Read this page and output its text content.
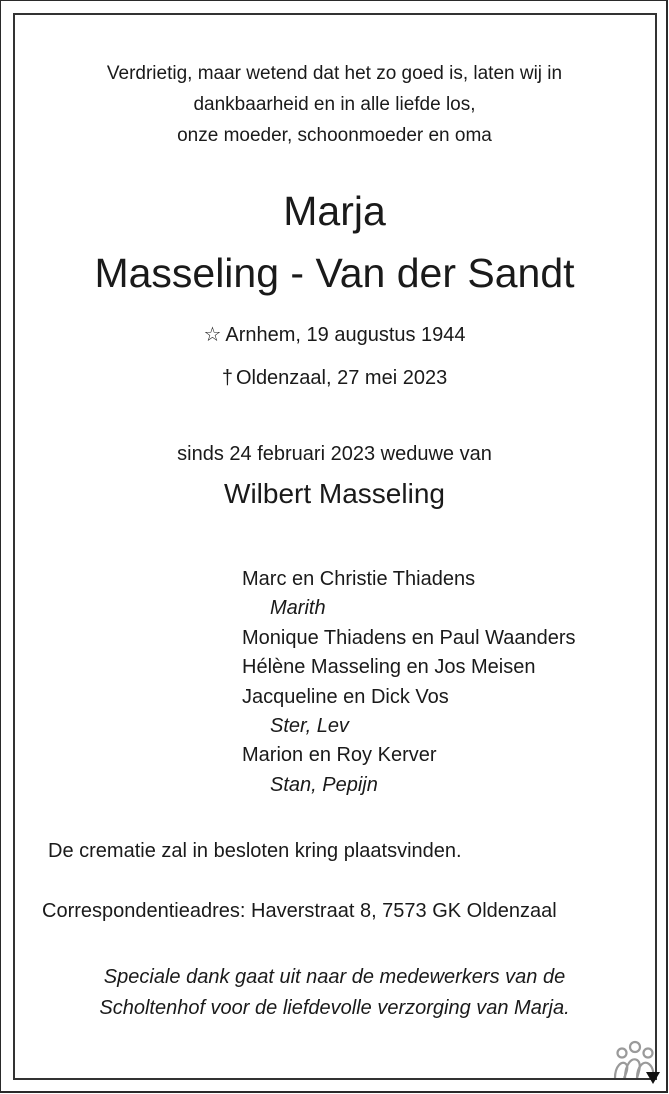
Verdrietig, maar wetend dat het zo goed is, laten wij in
dankbaarheid en in alle liefde los,
onze moeder, schoonmoeder en oma
Marja
Masseling - Van der Sandt
☆ Arnhem, 19 augustus 1944
† Oldenzaal, 27 mei 2023
sinds 24 februari 2023 weduwe van
Wilbert Masseling
Marc en Christie Thiadens
Marith
Monique Thiadens en Paul Waanders
Hélène Masseling en Jos Meisen
Jacqueline en Dick Vos
Ster, Lev
Marion en Roy Kerver
Stan, Pepijn
De crematie zal in besloten kring plaatsvinden.
Correspondentieadres: Haverstraat 8, 7573 GK Oldenzaal
Speciale dank gaat uit naar de medewerkers van de
Scholtenhof voor de liefdevolle verzorging van Marja.
